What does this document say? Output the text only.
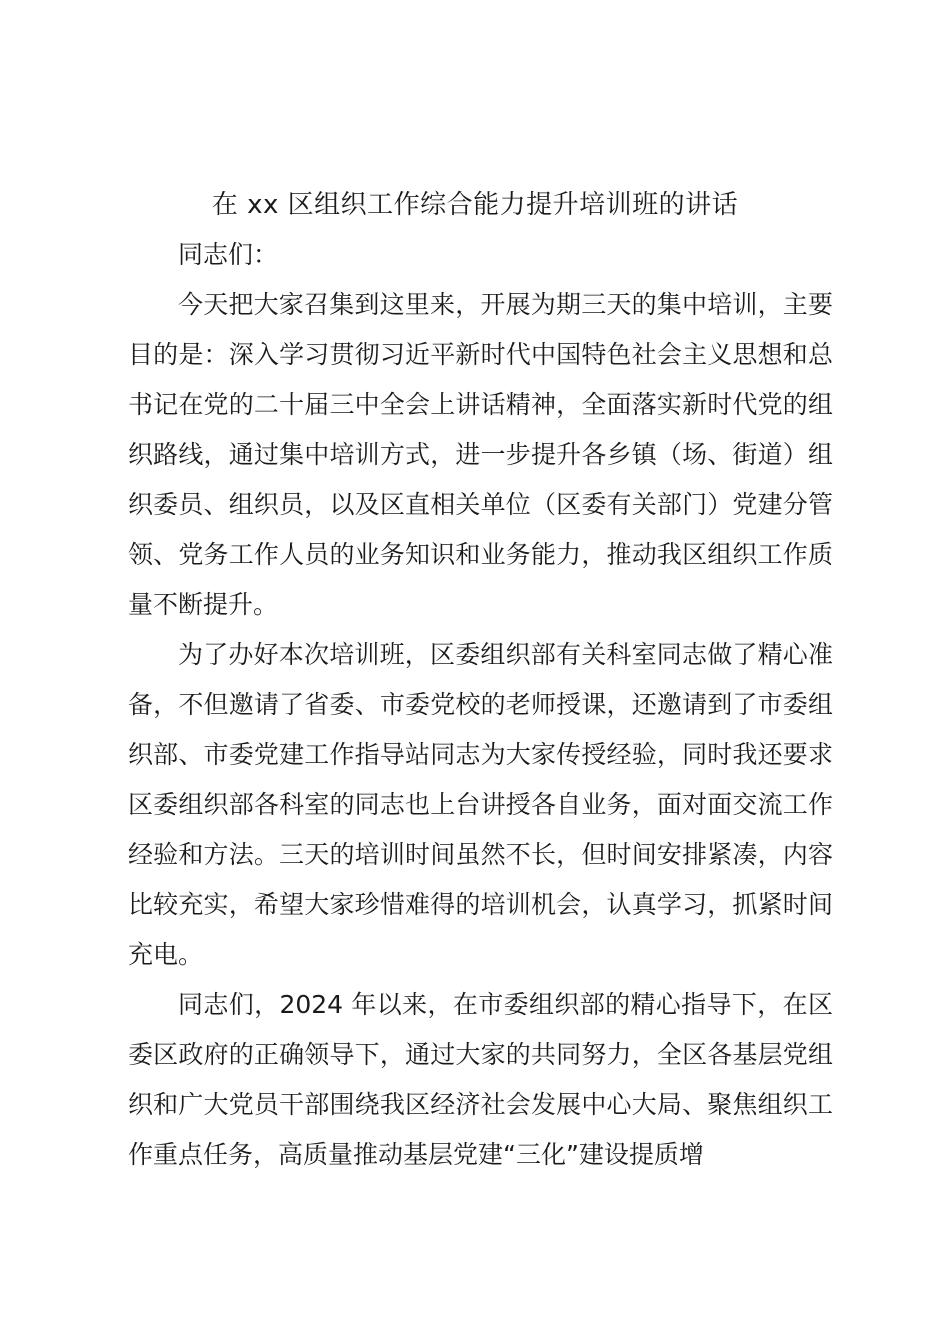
在 xx 区组织工作综合能力提升培训班的讲话

同志们：

今天把大家召集到这里来，开展为期三天的集中培训，主要目的是：深入学习贯彻习近平新时代中国特色社会主义思想和总书记在党的二十届三中全会上讲话精神，全面落实新时代党的组织路线，通过集中培训方式，进一步提升各乡镇（场、街道）组织委员、组织员，以及区直相关单位（区委有关部门）党建分管领、党务工作人员的业务知识和业务能力，推动我区组织工作质量不断提升。

为了办好本次培训班，区委组织部有关科室同志做了精心准备，不但邀请了省委、市委党校的老师授课，还邀请到了市委组织部、市委党建工作指导站同志为大家传授经验，同时我还要求区委组织部各科室的同志也上台讲授各自业务，面对面交流工作经验和方法。三天的培训时间虽然不长，但时间安排紧凑，内容比较充实，希望大家珍惜难得的培训机会，认真学习，抓紧时间充电。

同志们，2024 年以来，在市委组织部的精心指导下，在区委区政府的正确领导下，通过大家的共同努力，全区各基层党组织和广大党员干部围绕我区经济社会发展中心大局、聚焦组织工作重点任务，高质量推动基层党建“三化”建设提质增
